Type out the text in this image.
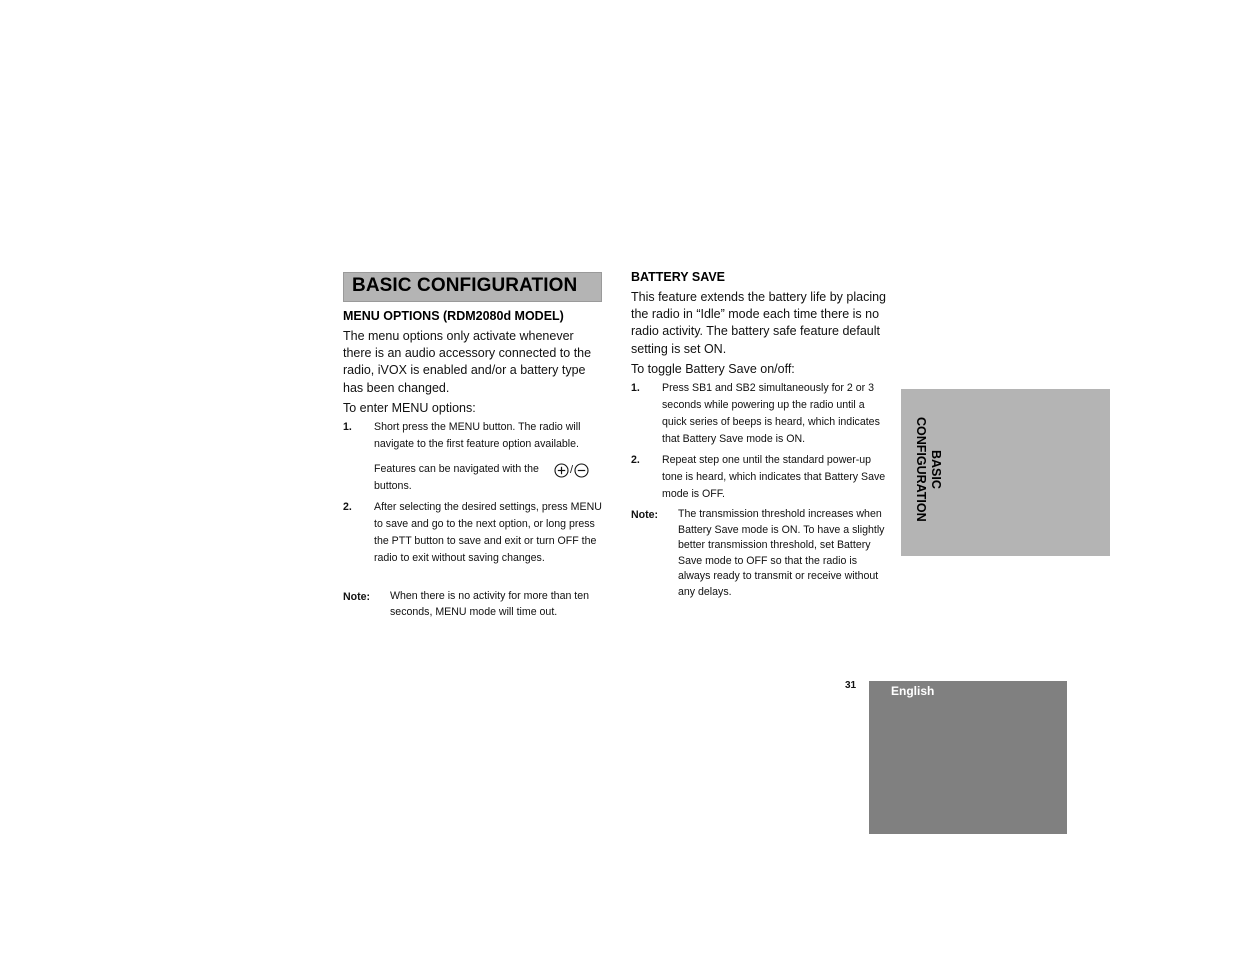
BASIC CONFIGURATION
MENU OPTIONS (RDM2080d MODEL)
The menu options only activate whenever there is an audio accessory connected to the radio, iVOX is enabled and/or a battery type has been changed.
To enter MENU options:
1. Short press the MENU button. The radio will navigate to the first feature option available.
Features can be navigated with the buttons.
/
2. After selecting the desired settings, press MENU to save and go to the next option, or long press the PTT button to save and exit or turn OFF the radio to exit without saving changes.
Note: When there is no activity for more than ten seconds, MENU mode will time out.
BATTERY SAVE
This feature extends the battery life by placing the radio in “Idle” mode each time there is no radio activity. The battery safe feature default setting is set ON.
To toggle Battery Save on/off:
1. Press SB1 and SB2 simultaneously for 2 or 3 seconds while powering up the radio until a quick series of beeps is heard, which indicates that Battery Save mode is ON.
2. Repeat step one until the standard power-up tone is heard, which indicates that Battery Save mode is OFF.
Note: The transmission threshold increases when Battery Save mode is ON. To have a slightly better transmission threshold, set Battery Save mode to OFF so that the radio is always ready to transmit or receive without any delays.
BASIC
CONFIGURATION
31	English
